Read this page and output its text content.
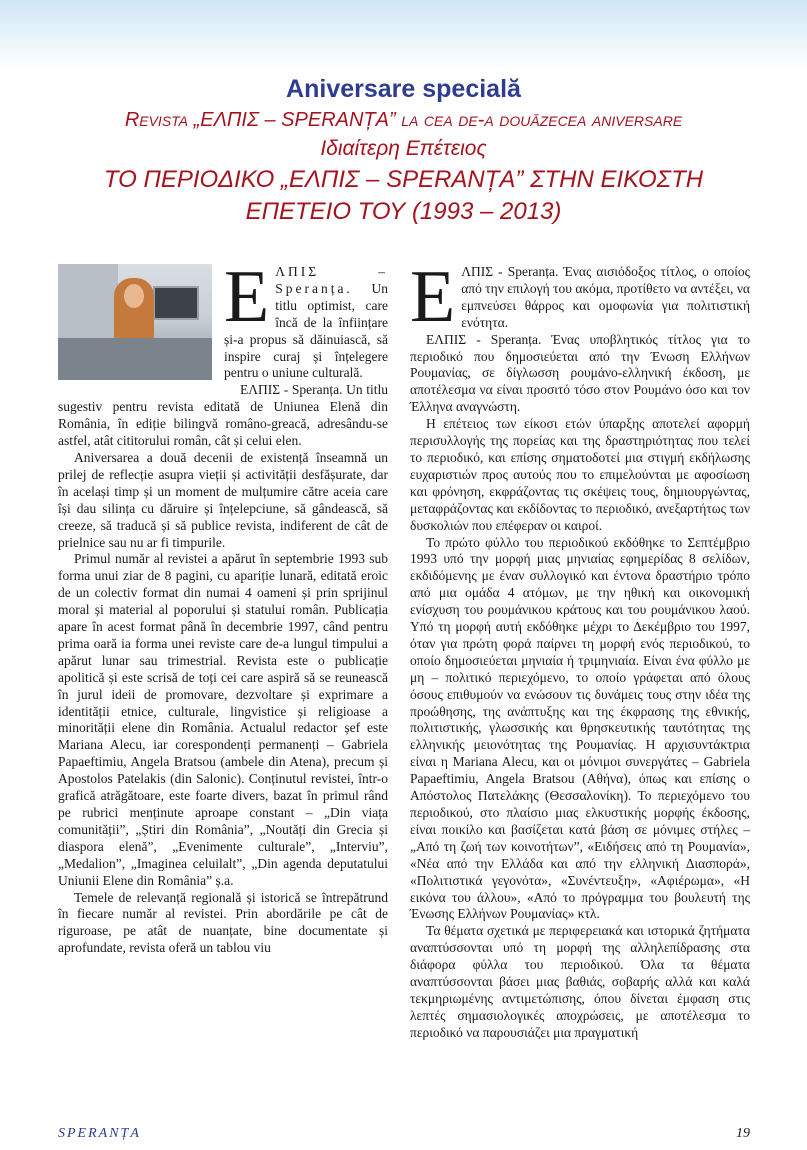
Aniversare specială
Revista „ΕΛΠΙΣ – SPERANȚA” la cea de-a douăzecea aniversare
Ιδιαίτερη Επέτειος
ΤΟ ΠΕΡΙΟΔΙΚΟ „ΕΛΠΙΣ – SPERANȚA” ΣΤΗΝ ΕΙΚΟΣΤΗ
ΕΠΕΤΕΙΟ ΤΟΥ (1993 – 2013)

EΛΠΙΣ – Speranța. Un titlu optimist, care încă de la înființare și-a propus să dăinuiască, să inspire curaj și înțelegere pentru o uniune culturală.

ΕΛΠΙΣ - Speranța. Un titlu sugestiv pentru revista editată de Uniunea Elenă din România, în ediție bilingvă româno-greacă, adresându-se astfel, atât cititorului român, cât și celui elen.

Aniversarea a două decenii de existență înseamnă un prilej de reflecție asupra vieții și activității desfășurate, dar în același timp și un moment de mulțumire către aceia care își dau silința cu dăruire și înțelepciune, să gândească, să creeze, să traducă și să publice revista, indiferent de cât de prielnice sau nu ar fi timpurile.

Primul număr al revistei a apărut în septembrie 1993 sub forma unui ziar de 8 pagini, cu apariție lunară, editată eroic de un colectiv format din numai 4 oameni și prin sprijinul moral și material al poporului și statului român. Publicația apare în acest format până în decembrie 1997, când pentru prima oară ia forma unei reviste care de-a lungul timpului a apărut lunar sau trimestrial. Revista este o publicație apolitică și este scrisă de toți cei care aspiră să se reunească în jurul ideii de promovare, dezvoltare și exprimare a identității etnice, culturale, lingvistice și religioase a minorității elene din România. Actualul redactor șef este Mariana Alecu, iar corespondenți permanenți – Gabriela Papaeftimiu, Angela Bratsou (ambele din Atena), precum și Apostolos Patelakis (din Salonic). Conținutul revistei, într-o grafică atrăgătoare, este foarte divers, bazat în primul rând pe rubrici menținute aproape constant – „Din viața comunității”, „Știri din România”, „Noutăți din Grecia și diaspora elenă”, „Evenimente culturale”, „Interviu”, „Medalion”, „Imaginea celuilalt”, „Din agenda deputatului Uniunii Elene din România” ș.a.

Temele de relevanță regională și istorică se întrepătrund în fiecare număr al revistei. Prin abordările pe cât de riguroase, pe atât de nuanțate, bine documentate și aprofundate, revista oferă un tablou viu

EΛΠΙΣ - Speranța. Ένας αισιόδοξος τίτλος, ο οποίος από την επιλογή του ακόμα, προτίθετο να αντέξει, να εμπνεύσει θάρρος και ομοφωνία για πολιτιστική ενότητα.

ΕΛΠΙΣ - Speranța. Ένας υποβλητικός τίτλος για το περιοδικό που δημοσιεύεται από την Ένωση Ελλήνων Ρουμανίας, σε δίγλωσση ρουμάνο-ελληνική έκδοση, με αποτέλεσμα να είναι προσιτό τόσο στον Ρουμάνο όσο και τον Έλληνα αναγνώστη.

Η επέτειος των είκοσι ετών ύπαρξης αποτελεί αφορμή περισυλλογής της πορείας και της δραστηριότητας που τελεί το περιοδικό, και επίσης σηματοδοτεί μια στιγμή εκδήλωσης ευχαριστιών προς αυτούς που το επιμελούνται με αφοσίωση και φρόνηση, εκφράζοντας τις σκέψεις τους, δημιουργώντας, μεταφράζοντας και εκδίδοντας το περιοδικό, ανεξαρτήτως των δυσκολιών που επέφεραν οι καιροί.

Το πρώτο φύλλο του περιοδικού εκδόθηκε το Σεπτέμβριο 1993 υπό την μορφή μιας μηνιαίας εφημερίδας 8 σελίδων, εκδιδόμενης με έναν συλλογικό και έντονα δραστήριο τρόπο από μια ομάδα 4 ατόμων, με την ηθική και οικονομική ενίσχυση του ρουμάνικου κράτους και του ρουμάνικου λαού. Υπό τη μορφή αυτή εκδόθηκε μέχρι το Δεκέμβριο του 1997, όταν για πρώτη φορά παίρνει τη μορφή ενός περιοδικού, το οποίο δημοσιεύεται μηνιαία ή τριμηνιαία. Είναι ένα φύλλο με μη – πολιτικό περιεχόμενο, το οποίο γράφεται από όλους όσους επιθυμούν να ενώσουν τις δυνάμεις τους στην ιδέα της προώθησης, της ανάπτυξης και της έκφρασης της εθνικής, πολιτιστικής, γλωσσικής και θρησκευτικής ταυτότητας της ελληνικής μειονότητας της Ρουμανίας. Η αρχισυντάκτρια είναι η Mariana Alecu, και οι μόνιμοι συνεργάτες – Gabriela Papaeftimiu, Angela Bratsou (Αθήνα), όπως και επίσης ο Απόστολος Πατελάκης (Θεσσαλονίκη). Το περιεχόμενο του περιοδικού, στο πλαίσιο μιας ελκυστικής μορφής έκδοσης, είναι ποικίλο και βασίζεται κατά βάση σε μόνιμες στήλες – „Από τη ζωή των κοινοτήτων”, «Ειδήσεις από τη Ρουμανία», «Νέα από την Ελλάδα και από την ελληνική Διασπορά», «Πολιτιστικά γεγονότα», «Συνέντευξη», «Αφιέρωμα», «Η εικόνα του άλλου», «Από το πρόγραμμα του βουλευτή της Ένωσης Ελλήνων Ρουμανίας» κτλ.

Τα θέματα σχετικά με περιφερειακά και ιστορικά ζητήματα αναπτύσσονται υπό τη μορφή της αλληλεπίδρασης στα διάφορα φύλλα του περιοδικού. Όλα τα θέματα αναπτύσσονται βάσει μιας βαθιάς, σοβαρής αλλά και καλά τεκμηριωμένης αντιμετώπισης, όπου δίνεται έμφαση στις λεπτές σημασιολογικές αποχρώσεις, με αποτέλεσμα το περιοδικό να παρουσιάζει μια πραγματική

SPERANȚA	19
